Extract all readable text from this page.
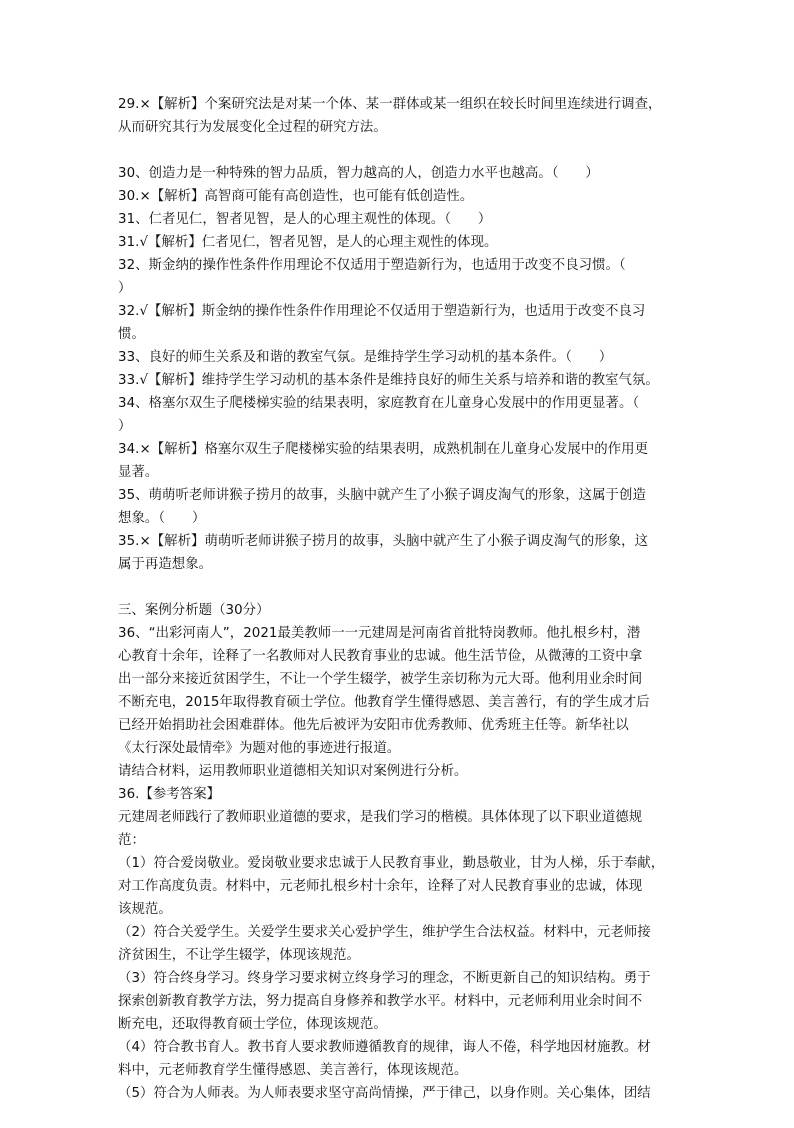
29.×【解析】个案研究法是对某一个体、某一群体或某一组织在较长时间里连续进行调查，
从而研究其行为发展变化全过程的研究方法。
30、创造力是一种特殊的智力品质，智力越高的人，创造力水平也越高。（　　）
30.×【解析】高智商可能有高创造性，也可能有低创造性。
31、仁者见仁，智者见智，是人的心理主观性的体现。（　　）
31.√【解析】仁者见仁，智者见智，是人的心理主观性的体现。
32、斯金纳的操作性条件作用理论不仅适用于塑造新行为，也适用于改变不良习惯。（
）
32.√【解析】斯金纳的操作性条件作用理论不仅适用于塑造新行为，也适用于改变不良习
惯。
33、良好的师生关系及和谐的教室气氛。是维持学生学习动机的基本条件。（　　）
33.√【解析】维持学生学习动机的基本条件是维持良好的师生关系与培养和谐的教室气氛。
34、格塞尔双生子爬楼梯实验的结果表明，家庭教育在儿童身心发展中的作用更显著。（
）
34.×【解析】格塞尔双生子爬楼梯实验的结果表明，成熟机制在儿童身心发展中的作用更
显著。
35、萌萌听老师讲猴子捞月的故事，头脑中就产生了小猴子调皮淘气的形象，这属于创造
想象。（　　）
35.×【解析】萌萌听老师讲猴子捞月的故事，头脑中就产生了小猴子调皮淘气的形象，这
属于再造想象。
三、案例分析题（30分）
36、“出彩河南人”，2021最美教师一一元建周是河南省首批特岗教师。他扎根乡村，潜
心教育十余年，诠释了一名教师对人民教育事业的忠诚。他生活节俭，从微薄的工资中拿
出一部分来接近贫困学生，不让一个学生辍学，被学生亲切称为元大哥。他利用业余时间
不断充电，2015年取得教育硕士学位。他教育学生懂得感恩、美言善行，有的学生成才后
已经开始捐助社会困难群体。他先后被评为安阳市优秀教师、优秀班主任等。新华社以
《太行深处最情牵》为题对他的事迹进行报道。
请结合材料，运用教师职业道德相关知识对案例进行分析。
36.【参考答案】
元建周老师践行了教师职业道德的要求，是我们学习的楷模。具体体现了以下职业道德规
范：
（1）符合爱岗敬业。爱岗敬业要求忠诚于人民教育事业，勤恳敬业，甘为人梯，乐于奉献，
对工作高度负责。材料中，元老师扎根乡村十余年，诠释了对人民教育事业的忠诚，体现
该规范。
（2）符合关爱学生。关爱学生要求关心爱护学生，维护学生合法权益。材料中，元老师接
济贫困生，不让学生辍学，体现该规范。
（3）符合终身学习。终身学习要求树立终身学习的理念，不断更新自己的知识结构。勇于
探索创新教育教学方法，努力提高自身修养和教学水平。材料中，元老师利用业余时间不
断充电，还取得教育硕士学位，体现该规范。
（4）符合教书育人。教书育人要求教师遵循教育的规律，诲人不倦，科学地因材施教。材
料中，元老师教育学生懂得感恩、美言善行，体现该规范。
（5）符合为人师表。为人师表要求坚守高尚情操，严于律己，以身作则。关心集体，团结
